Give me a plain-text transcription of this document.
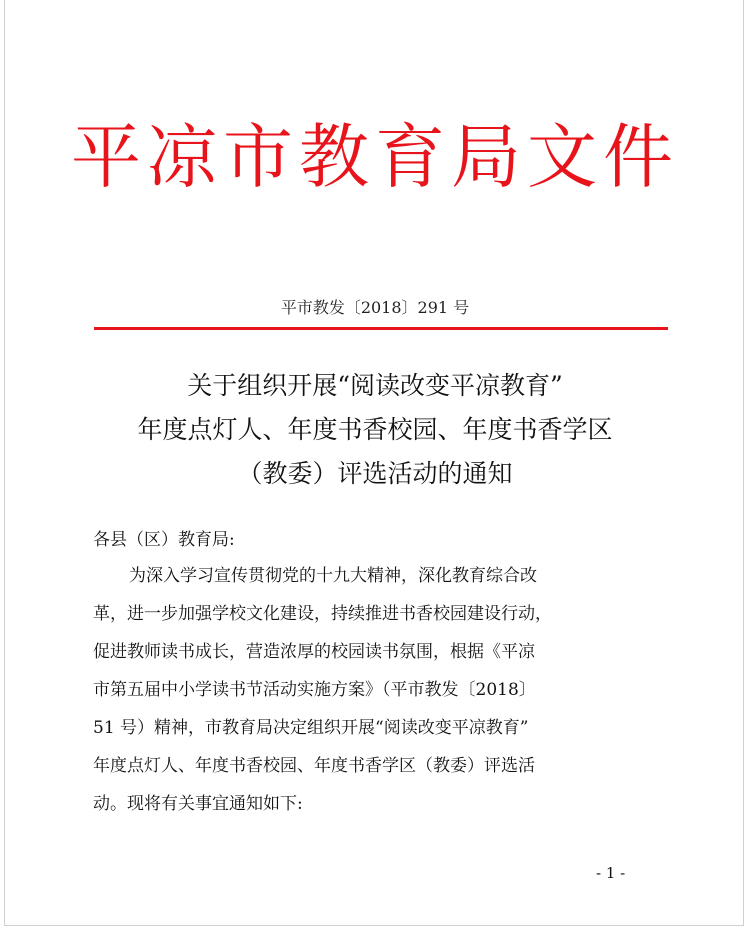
平凉市教育局文件
平市教发〔2018〕291 号
关于组织开展“阅读改变平凉教育”
年度点灯人、年度书香校园、年度书香学区
（教委）评选活动的通知
各县（区）教育局:
为深入学习宣传贯彻党的十九大精神，深化教育综合改
革，进一步加强学校文化建设，持续推进书香校园建设行动，
促进教师读书成长，营造浓厚的校园读书氛围，根据《平凉
市第五届中小学读书节活动实施方案》（平市教发〔2018〕
51 号）精神，市教育局决定组织开展“阅读改变平凉教育”
年度点灯人、年度书香校园、年度书香学区（教委）评选活
动。现将有关事宜通知如下:
- 1 -
